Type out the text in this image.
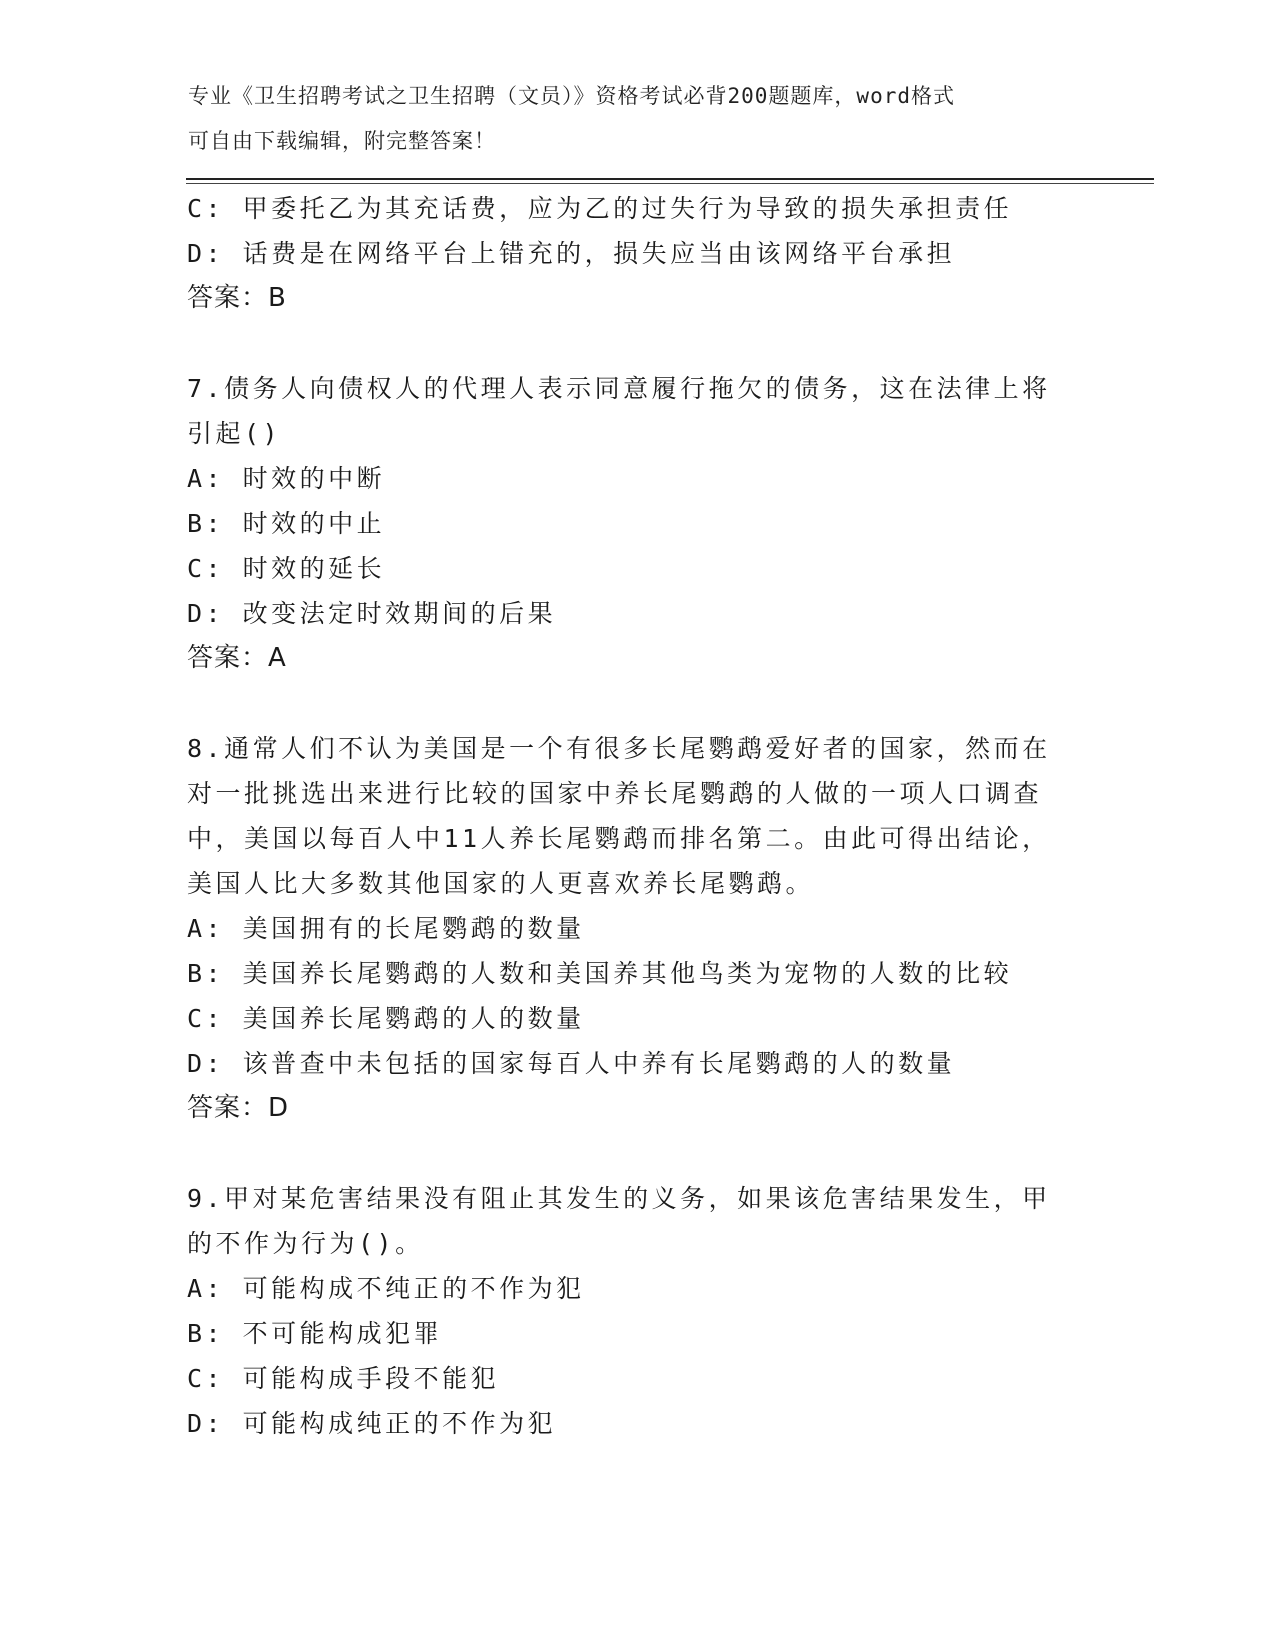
专业《卫生招聘考试之卫生招聘（文员）》资格考试必背200题题库，word格式
可自由下载编辑，附完整答案！
C: 甲委托乙为其充话费，应为乙的过失行为导致的损失承担责任
D: 话费是在网络平台上错充的，损失应当由该网络平台承担
答案：B
7.债务人向债权人的代理人表示同意履行拖欠的债务，这在法律上将
引起()
A: 时效的中断
B: 时效的中止
C: 时效的延长
D: 改变法定时效期间的后果
答案：A
8.通常人们不认为美国是一个有很多长尾鹦鹉爱好者的国家，然而在
对一批挑选出来进行比较的国家中养长尾鹦鹉的人做的一项人口调查
中，美国以每百人中11人养长尾鹦鹉而排名第二。由此可得出结论，
美国人比大多数其他国家的人更喜欢养长尾鹦鹉。
A: 美国拥有的长尾鹦鹉的数量
B: 美国养长尾鹦鹉的人数和美国养其他鸟类为宠物的人数的比较
C: 美国养长尾鹦鹉的人的数量
D: 该普查中未包括的国家每百人中养有长尾鹦鹉的人的数量
答案：D
9.甲对某危害结果没有阻止其发生的义务，如果该危害结果发生，甲
的不作为行为()。
A: 可能构成不纯正的不作为犯
B: 不可能构成犯罪
C: 可能构成手段不能犯
D: 可能构成纯正的不作为犯
